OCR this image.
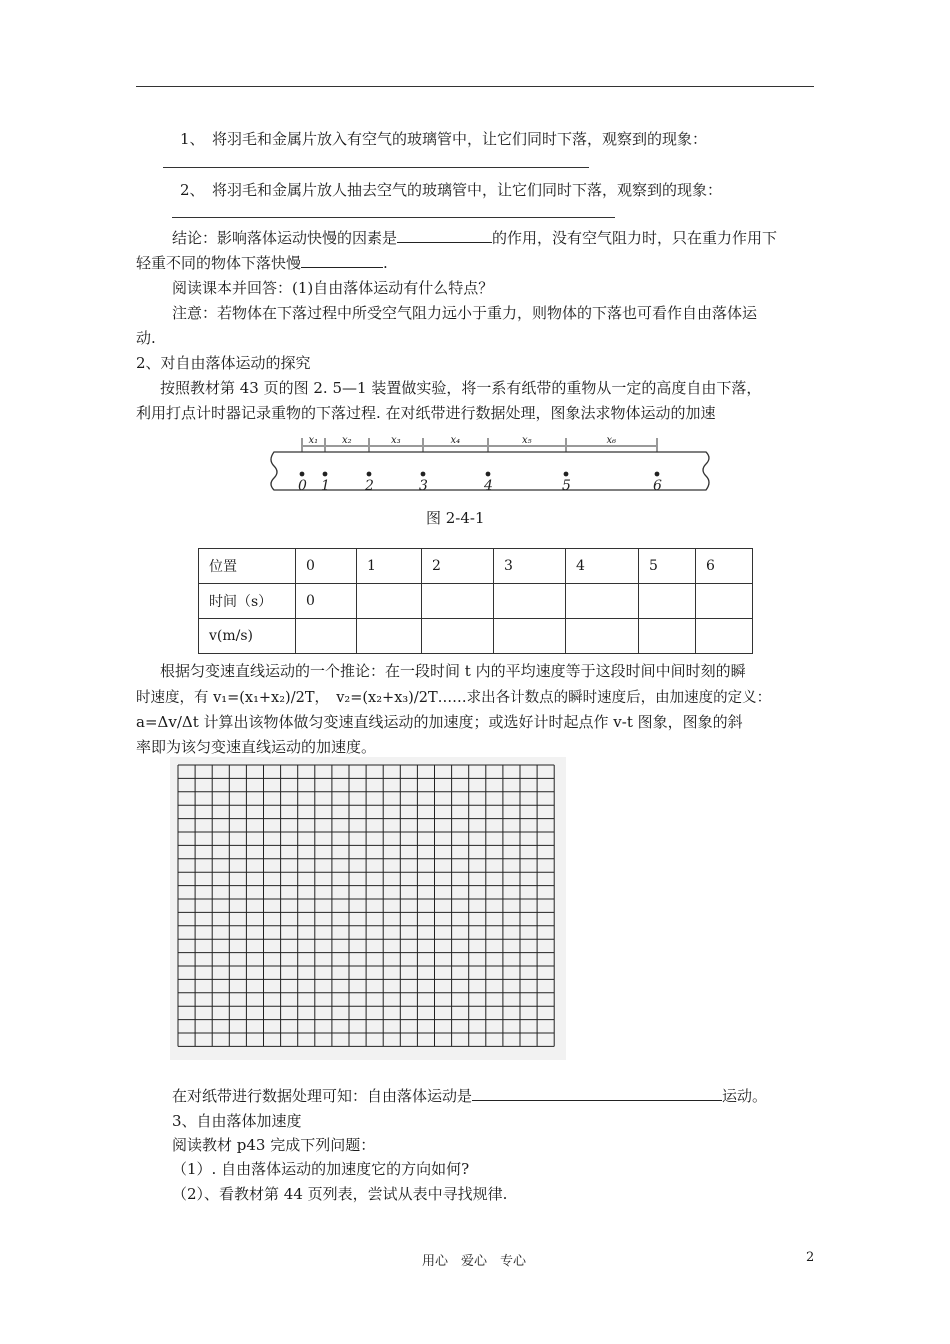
1、　将羽毛和金属片放入有空气的玻璃管中，让它们同时下落，观察到的现象：
2、　将羽毛和金属片放人抽去空气的玻璃管中，让它们同时下落，观察到的现象：
结论：影响落体运动快慢的因素是	的作用，没有空气阻力时，只在重力作用下
轻重不同的物体下落快慢	.
阅读课本并回答：(1)自由落体运动有什么特点？
注意：若物体在下落过程中所受空气阻力远小于重力，则物体的下落也可看作自由落体运
动.
2、对自由落体运动的探究
按照教材第 43 页的图 2. 5—1 装置做实验，将一系有纸带的重物从一定的高度自由下落，
利用打点计时器记录重物的下落过程. 在对纸带进行数据处理，图象法求物体运动的加速
x₁ x₂	x₃	x₄	x₅	x₆
0 1	2	3	4	5	6
图 2-4-1
位置	0	1	2	3	4	5	6
时间（s）	0						
v(m/s)							
根据匀变速直线运动的一个推论：在一段时间 t 内的平均速度等于这段时间中间时刻的瞬
时速度，有 v₁=(x₁+x₂)/2T，　v₂=(x₂+x₃)/2T……求出各计数点的瞬时速度后，由加速度的定义：
a=Δv/Δt 计算出该物体做匀变速直线运动的加速度；或选好计时起点作 v-t 图象，图象的斜
率即为该匀变速直线运动的加速度。
在对纸带进行数据处理可知：自由落体运动是	运动。
3、自由落体加速度
阅读教材 p43 完成下列问题：
（1）. 自由落体运动的加速度它的方向如何?
（2）、看教材第 44 页列表，尝试从表中寻找规律.
用心　爱心　专心	2
